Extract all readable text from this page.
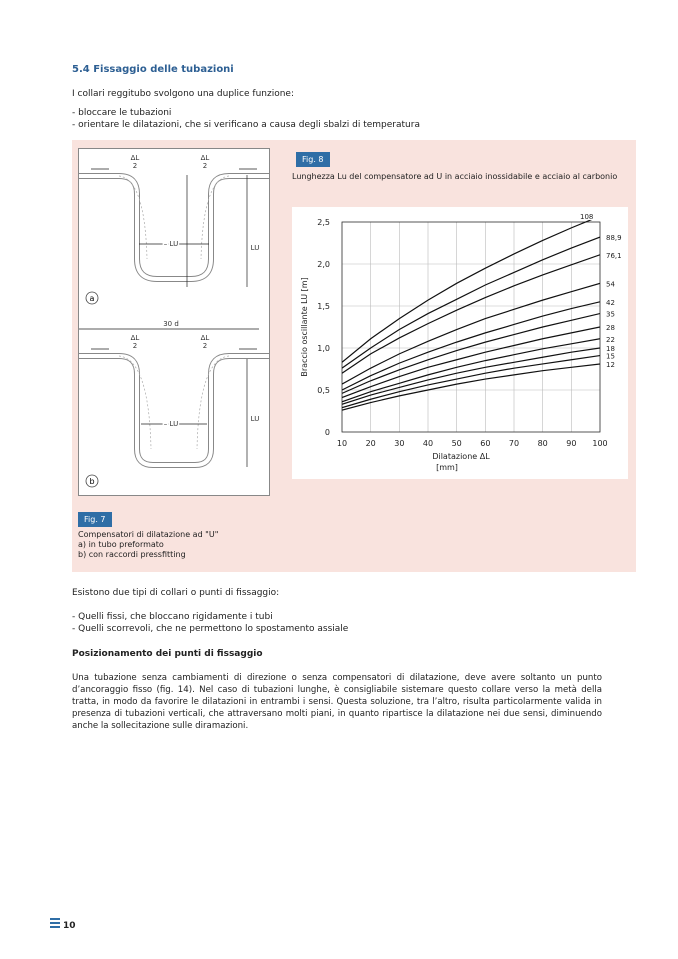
5.4 Fissaggio delle tubazioni
I collari reggitubo svolgono una duplice funzione:
- bloccare le tubazioni
- orientare le dilatazioni, che si verificano a causa degli sbalzi di temperatura
ΔL
2
ΔL
2
– LU	LU
30 d
ΔL
2
ΔL
2
– LU
LU
a
b
Fig. 7
Compensatori di dilatazione ad "U"
a) in tubo preformato
b) con raccordi pressfitting
Fig. 8
Lunghezza Lu del compensatore ad U in acciaio inossidabile e acciaio al carbonio
10 20 30 40 50 60 70 80 90 100
0
0,5
1,0
1,5
2,0
2,5
108
88,9
76,1
54
42
35
28
22
18
15
12
Dilatazione ΔL
[mm]
Braccio oscillante LU [m]
Esistono due tipi di collari o punti di fissaggio:
- Quelli fissi, che bloccano rigidamente i tubi
- Quelli scorrevoli, che ne permettono lo spostamento assiale
Posizionamento dei punti di fissaggio
Una tubazione senza cambiamenti di direzione o senza compensatori di dilatazione, deve avere soltanto un punto
d’ancoraggio fisso (fig. 14). Nel caso di tubazioni lunghe, è consigliabile sistemare questo collare verso la metà della
tratta, in modo da favorire le dilatazioni in entrambi i sensi. Questa soluzione, tra l’altro, risulta particolarmente valida in
presenza di tubazioni verticali, che attraversano molti piani, in quanto ripartisce la dilatazione nei due sensi, diminuendo
anche la sollecitazione sulle diramazioni.
10
